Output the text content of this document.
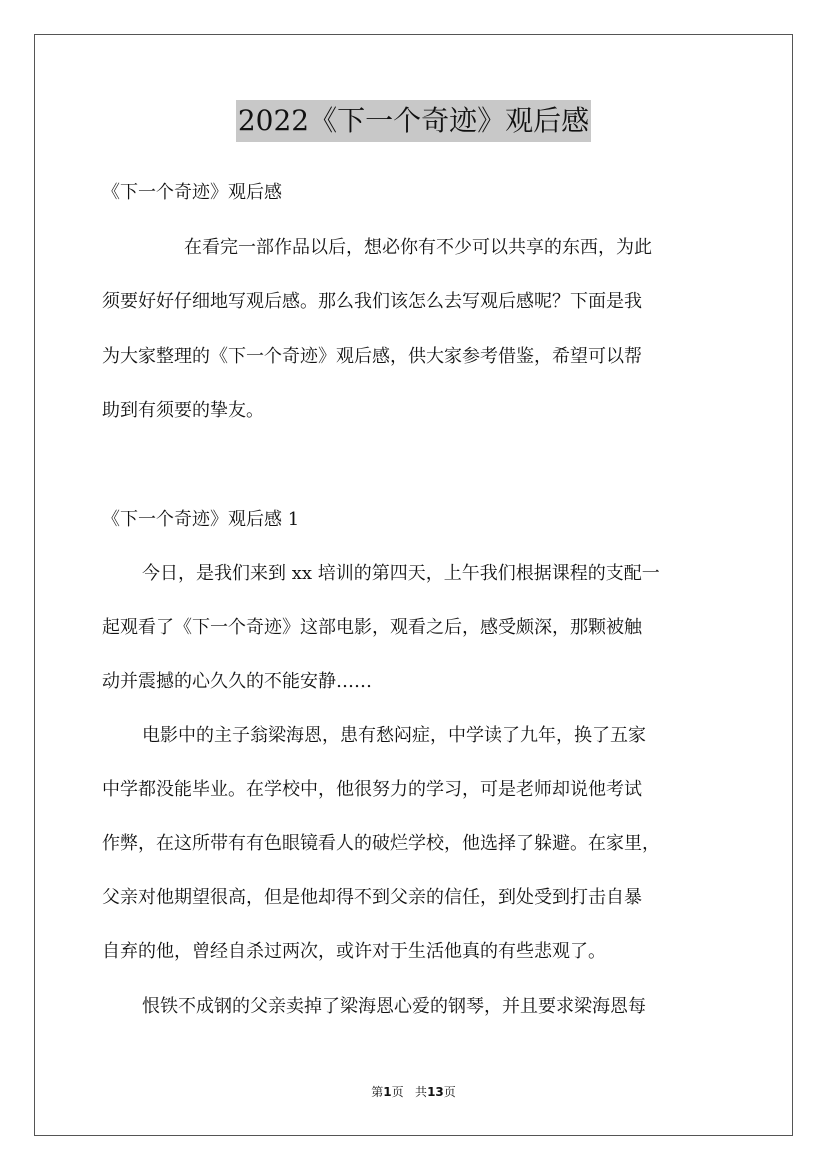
2022《下一个奇迹》观后感
《下一个奇迹》观后感
在看完一部作品以后，想必你有不少可以共享的东西，为此
须要好好仔细地写观后感。那么我们该怎么去写观后感呢？下面是我
为大家整理的《下一个奇迹》观后感，供大家参考借鉴，希望可以帮
助到有须要的挚友。
《下一个奇迹》观后感 1
今日，是我们来到 xx 培训的第四天，上午我们根据课程的支配一
起观看了《下一个奇迹》这部电影，观看之后，感受颇深，那颗被触
动并震撼的心久久的不能安静……
电影中的主子翁梁海恩，患有愁闷症，中学读了九年，换了五家
中学都没能毕业。在学校中，他很努力的学习，可是老师却说他考试
作弊，在这所带有有色眼镜看人的破烂学校，他选择了躲避。在家里，
父亲对他期望很高，但是他却得不到父亲的信任，到处受到打击自暴
自弃的他，曾经自杀过两次，或许对于生活他真的有些悲观了。
恨铁不成钢的父亲卖掉了梁海恩心爱的钢琴，并且要求梁海恩每
第1页 共13页
